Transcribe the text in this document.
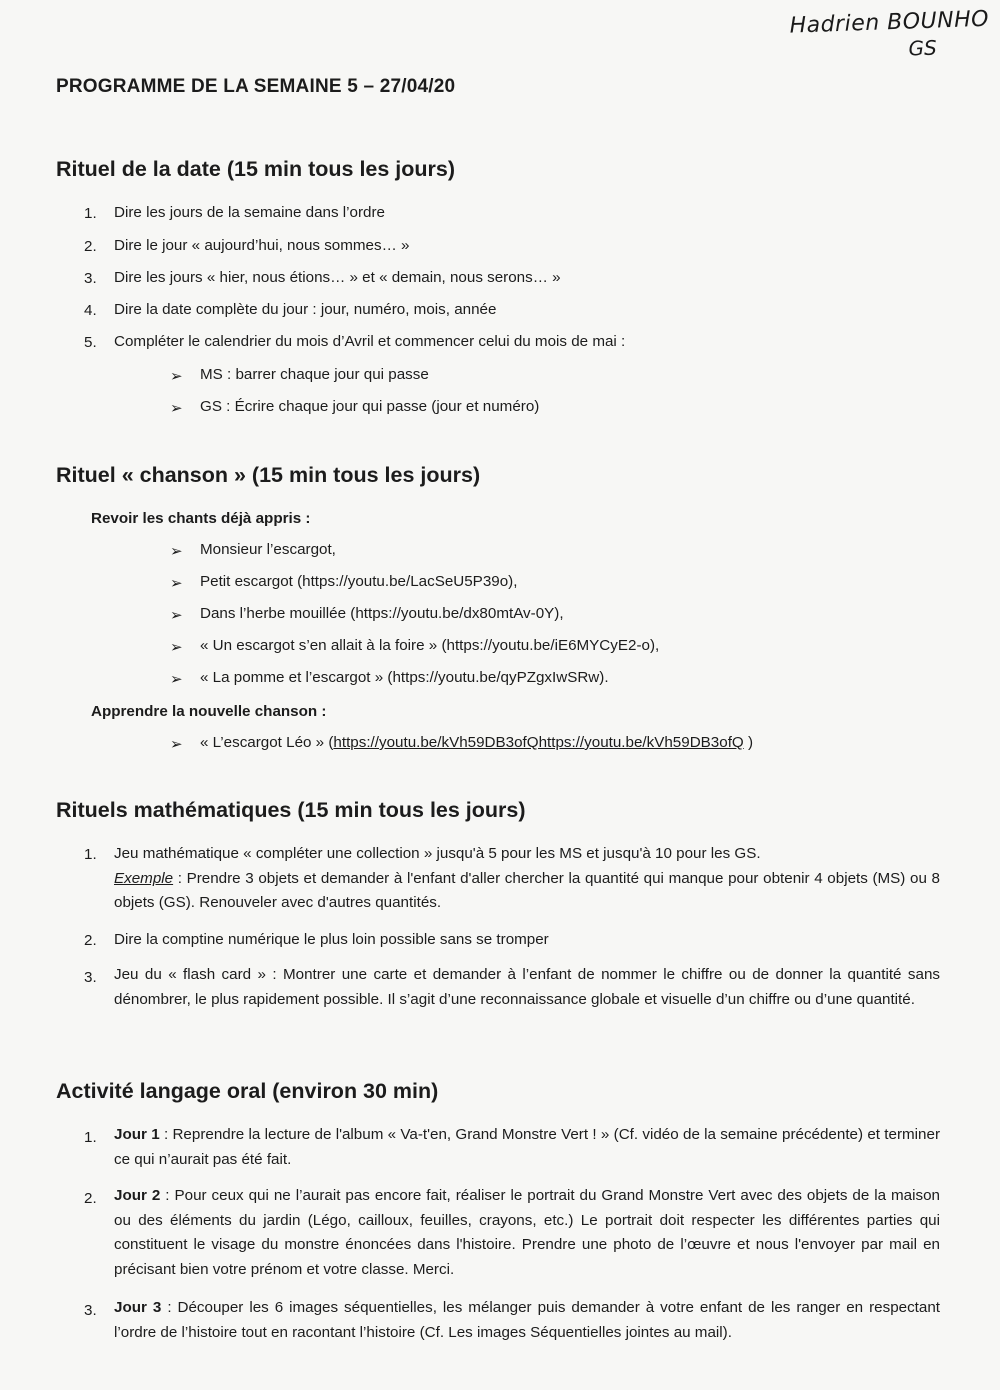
Hadrien BOUNHO
GS
PROGRAMME DE LA SEMAINE 5 – 27/04/20
Rituel de la date (15 min tous les jours)
1. Dire les jours de la semaine dans l’ordre
2. Dire le jour « aujourd’hui, nous sommes… »
3. Dire les jours « hier, nous étions… » et « demain, nous serons… »
4. Dire la date complète du jour : jour, numéro, mois, année
5. Compléter le calendrier du mois d’Avril et commencer celui du mois de mai :
➢ MS : barrer chaque jour qui passe
➢ GS : Écrire chaque jour qui passe (jour et numéro)
Rituel « chanson » (15 min tous les jours)
Revoir les chants déjà appris :
➢ Monsieur l’escargot,
➢ Petit escargot (https://youtu.be/LacSeU5P39o),
➢ Dans l’herbe mouillée (https://youtu.be/dx80mtAv-0Y),
➢ « Un escargot s’en allait à la foire » (https://youtu.be/iE6MYCyE2-o),
➢ « La pomme et l’escargot » (https://youtu.be/qyPZgxIwSRw).
Apprendre la nouvelle chanson :
➢ « L’escargot Léo » (https://youtu.be/kVh59DB3ofQhttps://youtu.be/kVh59DB3ofQ )
Rituels mathématiques (15 min tous les jours)
1. Jeu mathématique « compléter une collection » jusqu'à 5 pour les MS et jusqu'à 10 pour les GS.
Exemple : Prendre 3 objets et demander à l'enfant d'aller chercher la quantité qui manque pour obtenir 4 objets (MS) ou 8 objets (GS). Renouveler avec d'autres quantités.
2. Dire la comptine numérique le plus loin possible sans se tromper
3. Jeu du « flash card » : Montrer une carte et demander à l’enfant de nommer le chiffre ou de donner la quantité sans dénombrer, le plus rapidement possible. Il s’agit d’une reconnaissance globale et visuelle d’un chiffre ou d’une quantité.
Activité langage oral (environ 30 min)
1. Jour 1 : Reprendre la lecture de l'album « Va-t'en, Grand Monstre Vert ! » (Cf. vidéo de la semaine précédente) et terminer ce qui n’aurait pas été fait.
2. Jour 2 : Pour ceux qui ne l’aurait pas encore fait, réaliser le portrait du Grand Monstre Vert avec des objets de la maison ou des éléments du jardin (Légo, cailloux, feuilles, crayons, etc.) Le portrait doit respecter les différentes parties qui constituent le visage du monstre énoncées dans l'histoire. Prendre une photo de l’œuvre et nous l'envoyer par mail en précisant bien votre prénom et votre classe. Merci.
3. Jour 3 : Découper les 6 images séquentielles, les mélanger puis demander à votre enfant de les ranger en respectant l’ordre de l’histoire tout en racontant l’histoire (Cf. Les images Séquentielles jointes au mail).
